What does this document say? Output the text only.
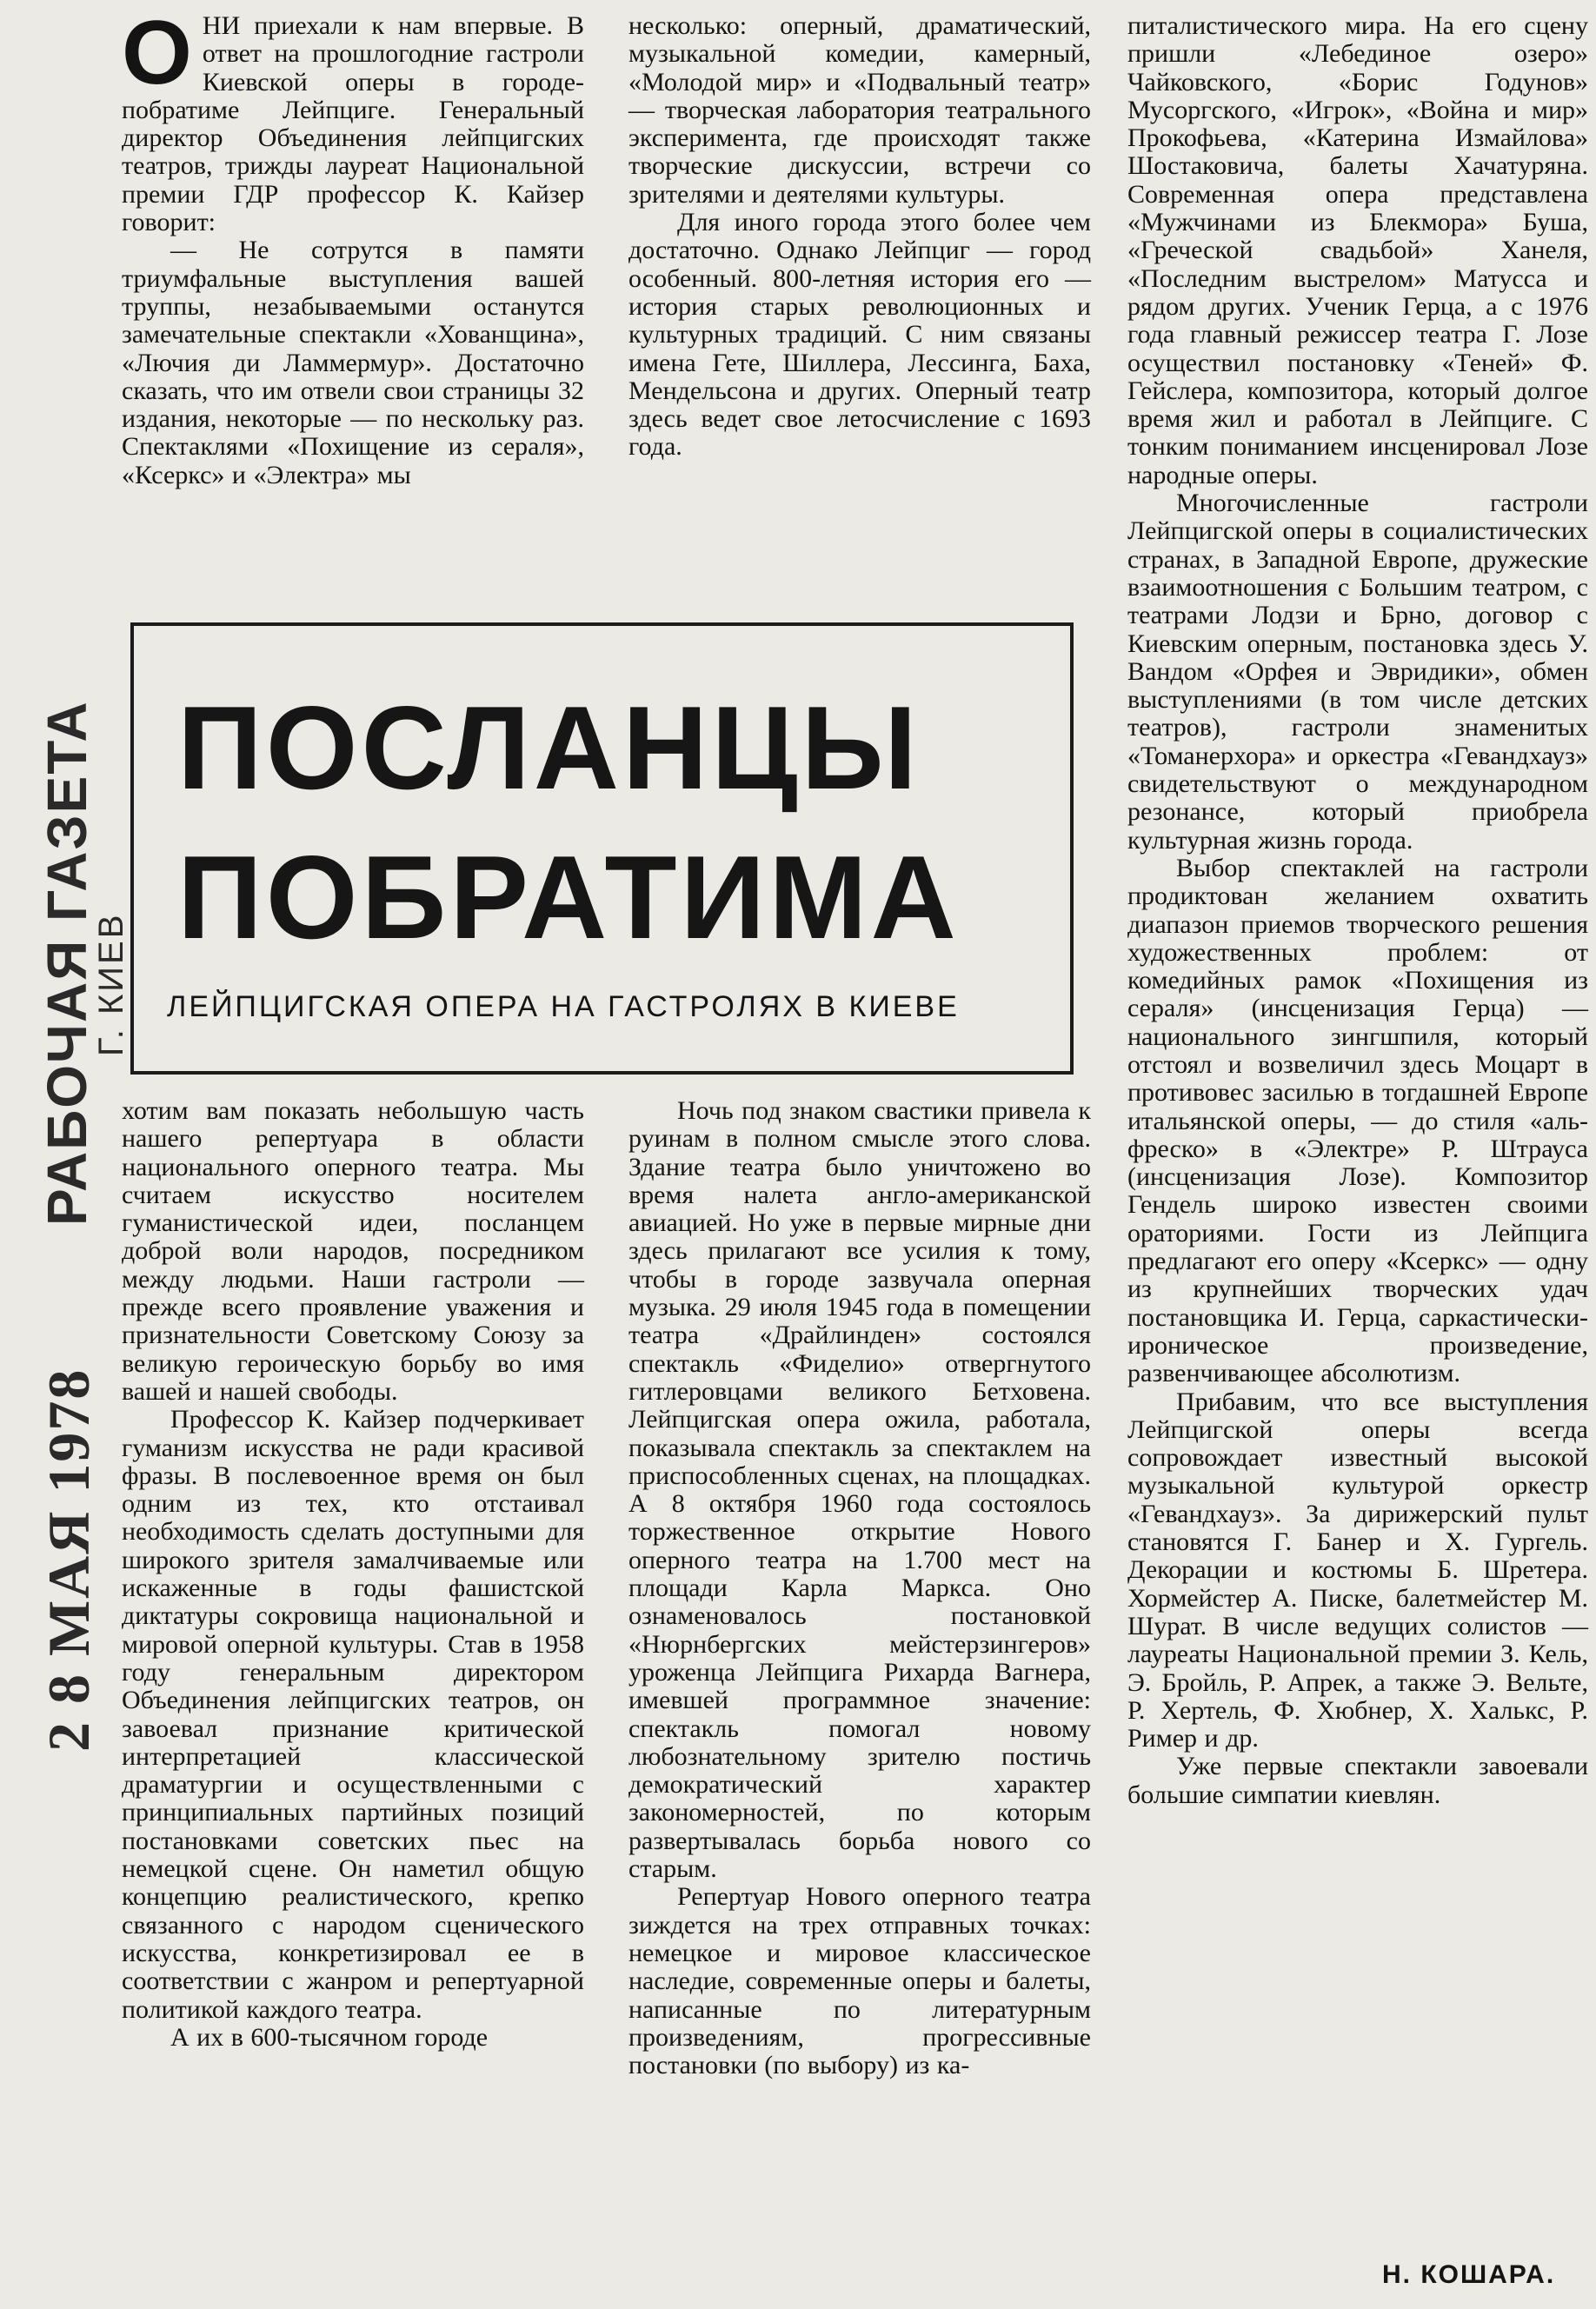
РАБОЧАЯ ГАЗЕТА
Г. КИЕВ
2 8 МАЯ 1978
О НИ приехали к нам впервые. В ответ на прошлогодние гастроли Киевской оперы в городе-побратиме Лейпциге. Генеральный директор Объединения лейпцигских театров, трижды лауреат Национальной премии ГДР профессор К. Кайзер говорит:

— Не сотрутся в памяти триумфальные выступления вашей труппы, незабываемыми останутся замечательные спектакли «Хованщина», «Лючия ди Ламмермур». Достаточно сказать, что им отвели свои страницы 32 издания, некоторые — по нескольку раз. Спектаклями «Похищение из сераля», «Ксеркс» и «Электра» мы

несколько: оперный, драматический, музыкальной комедии, камерный, «Молодой мир» и «Подвальный театр» — творческая лаборатория театрального эксперимента, где происходят также творческие дискуссии, встречи со зрителями и деятелями культуры.

Для иного города этого более чем достаточно. Однако Лейпциг — город особенный. 800-летняя история его — история старых революционных и культурных традиций. С ним связаны имена Гете, Шиллера, Лессинга, Баха, Мендельсона и других. Оперный театр здесь ведет свое летосчисление с 1693 года.

ПОСЛАНЦЫ
ПОБРАТИМА
ЛЕЙПЦИГСКАЯ ОПЕРА НА ГАСТРОЛЯХ В КИЕВЕ

хотим вам показать небольшую часть нашего репертуара в области национального оперного театра. Мы считаем искусство носителем гуманистической идеи, посланцем доброй воли народов, посредником между людьми. Наши гастроли — прежде всего проявление уважения и признательности Советскому Союзу за великую героическую борьбу во имя вашей и нашей свободы.

Профессор К. Кайзер подчеркивает гуманизм искусства не ради красивой фразы. В послевоенное время он был одним из тех, кто отстаивал необходимость сделать доступными для широкого зрителя замалчиваемые или искаженные в годы фашистской диктатуры сокровища национальной и мировой оперной культуры. Став в 1958 году генеральным директором Объединения лейпцигских театров, он завоевал признание критической интерпретацией классической драматургии и осуществленными с принципиальных партийных позиций постановками советских пьес на немецкой сцене. Он наметил общую концепцию реалистического, крепко связанного с народом сценического искусства, конкретизировал ее в соответствии с жанром и репертуарной политикой каждого театра.

А их в 600-тысячном городе

Ночь под знаком свастики привела к руинам в полном смысле этого слова. Здание театра было уничтожено во время налета англо-американской авиацией. Но уже в первые мирные дни здесь прилагают все усилия к тому, чтобы в городе зазвучала оперная музыка. 29 июля 1945 года в помещении театра «Драйлинден» состоялся спектакль «Фиделио» отвергнутого гитлеровцами великого Бетховена. Лейпцигская опера ожила, работала, показывала спектакль за спектаклем на приспособленных сценах, на площадках. А 8 октября 1960 года состоялось торжественное открытие Нового оперного театра на 1.700 мест на площади Карла Маркса. Оно ознаменовалось постановкой «Нюрнбергских мейстерзингеров» уроженца Лейпцига Рихарда Вагнера, имевшей программное значение: спектакль помогал новому любознательному зрителю постичь демократический характер закономерностей, по которым развертывалась борьба нового со старым.

Репертуар Нового оперного театра зиждется на трех отправных точках: немецкое и мировое классическое наследие, современные оперы и балеты, написанные по литературным произведениям, прогрессивные постановки (по выбору) из ка-

питалистического мира. На его сцену пришли «Лебединое озеро» Чайковского, «Борис Годунов» Мусоргского, «Игрок», «Война и мир» Прокофьева, «Катерина Измайлова» Шостаковича, балеты Хачатуряна. Современная опера представлена «Мужчинами из Блекмора» Буша, «Греческой свадьбой» Ханеля, «Последним выстрелом» Матусса и рядом других. Ученик Герца, а с 1976 года главный режиссер театра Г. Лозе осуществил постановку «Теней» Ф. Гейслера, композитора, который долгое время жил и работал в Лейпциге. С тонким пониманием инсценировал Лозе народные оперы.

Многочисленные гастроли Лейпцигской оперы в социалистических странах, в Западной Европе, дружеские взаимоотношения с Большим театром, с театрами Лодзи и Брно, договор с Киевским оперным, постановка здесь У. Вандом «Орфея и Эвридики», обмен выступлениями (в том числе детских театров), гастроли знаменитых «Томанерхора» и оркестра «Гевандхауз» свидетельствуют о международном резонансе, который приобрела культурная жизнь города.

Выбор спектаклей на гастроли продиктован желанием охватить диапазон приемов творческого решения художественных проблем: от комедийных рамок «Похищения из сераля» (инсценизация Герца) — национального зингшпиля, который отстоял и возвеличил здесь Моцарт в противовес засилью в тогдашней Европе итальянской оперы, — до стиля «аль-фреско» в «Электре» Р. Штрауса (инсценизация Лозе). Композитор Гендель широко известен своими ораториями. Гости из Лейпцига предлагают его оперу «Ксеркс» — одну из крупнейших творческих удач постановщика И. Герца, саркастически-ироническое произведение, развенчивающее абсолютизм.

Прибавим, что все выступления Лейпцигской оперы всегда сопровождает известный высокой музыкальной культурой оркестр «Гевандхауз». За дирижерский пульт становятся Г. Банер и Х. Гургель. Декорации и костюмы Б. Шретера. Хормейстер А. Писке, балетмейстер М. Шурат. В числе ведущих солистов — лауреаты Национальной премии З. Кель, Э. Бройль, Р. Апрек, а также Э. Вельте, Р. Хертель, Ф. Хюбнер, Х. Халькс, Р. Ример и др.

Уже первые спектакли завоевали большие симпатии киевлян.

Н. КОШАРА.
